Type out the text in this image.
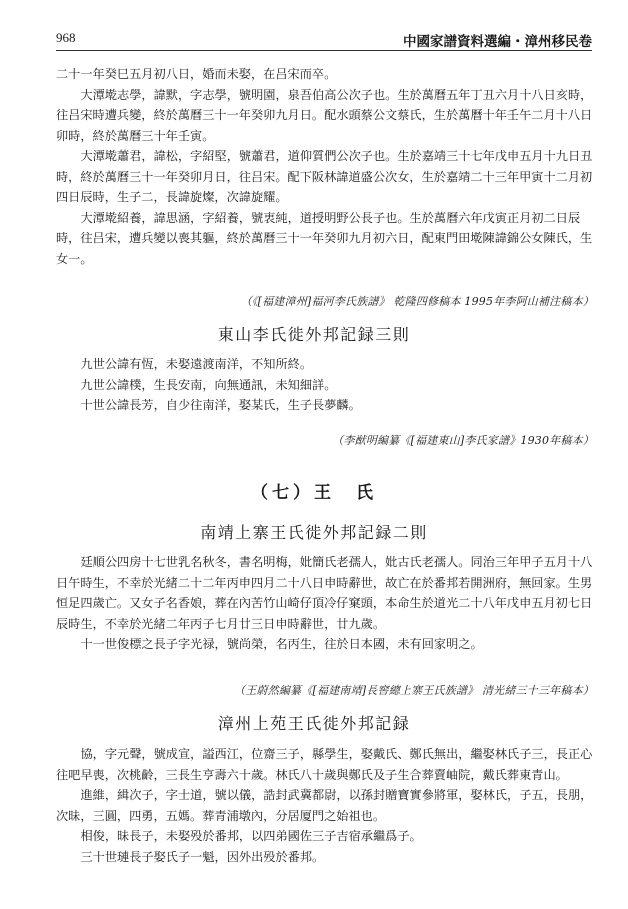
968	中國家譜資料選編・漳州移民卷

二十一年癸巳五月初八日，婚而未娶，在吕宋而卒。

大潭墘志學，諱默，字志學，號明園，泉吾伯高公次子也。生於萬曆五年丁丑六月十八日亥時，往吕宋時遭兵變，終於萬曆三十一年癸卯九月日。配水頭蔡公文蔡氏，生於萬曆十年壬午二月十八日卯時，終於萬曆三十年壬寅。

大潭墘蕭君，諱松，字紹堅，號蕭君，道仰質們公次子也。生於嘉靖三十七年戊申五月十九日丑時，終於萬曆三十一年癸卯月日，往吕宋。配下阪林諱道盛公次女，生於嘉靖二十三年甲寅十二月初四日辰時，生子二，長諱旋燦，次諱旋耀。

大潭墘紹養，諱思涵，字紹養，號衷純，道授明野公長子也。生於萬曆六年戊寅正月初二日辰時，往吕宋，遭兵變以喪其軀，終於萬曆三十一年癸卯九月初六日，配東門田墘陳諱錦公女陳氏，生女一。

（《[福建漳州]福河李氏族譜》 乾隆四修稿本 1995年李阿山補注稿本）
東山李氏徙外邦記録三則

九世公諱有恆，未娶遠渡南洋，不知所終。

九世公諱樸，生長安南，向無通訊，未知細詳。

十世公諱長芳，自少往南洋，娶某氏，生子長夢麟。

（李猷明編纂《[福建東山]李氏家譜》1930年稿本）
（七）王　氏
南靖上寨王氏徙外邦記録二則

廷順公四房十七世乳名秋冬，書名明梅，妣簡氏老孺人，妣古氏老孺人。同治三年甲子五月十八日午時生，不幸於光緒二十二年丙申四月二十八日申時辭世，故亡在於番邦若開洲府，無回家。生男恒足四歲亡。又女子名香娘，葬在內苦竹山崎仔頂冷仔窠頭，本命生於道光二十八年戊申五月初七日辰時生，不幸於光緒二年丙子七月廿三日申時辭世，廿九歲。

十一世俊標之長子字光禄，號尚榮，名丙生，往於日本國，未有回家明之。

（王蔚然編纂《[福建南靖]長窖總上寨王氏族譜》 清光緒三十三年稿本）
漳州上苑王氏徙外邦記録

協，字元聲，號成宣，謚西江，位齋三子，縣學生，娶戴氏、鄭氏無出，繼娶林氏子三，長正心往吧早喪，次桃齡，三長生亨壽六十歲。林氏八十歲與鄭氏及子生合葬賣岫院，戴氏葬東青山。

進維，緝次子，字士道，號以儀，誥封武冀都尉，以孫封贈寶實參將軍，娶林氏，子五，長朋，次昧，三圓，四勇，五媽。葬青浦墩內，分居厦門之始祖也。

相俊，昧長子，未娶殁於番邦，以四弟國佐三子吉宿承繼爲子。

三十世璉長子娶氏子一魁，因外出殁於番邦。
